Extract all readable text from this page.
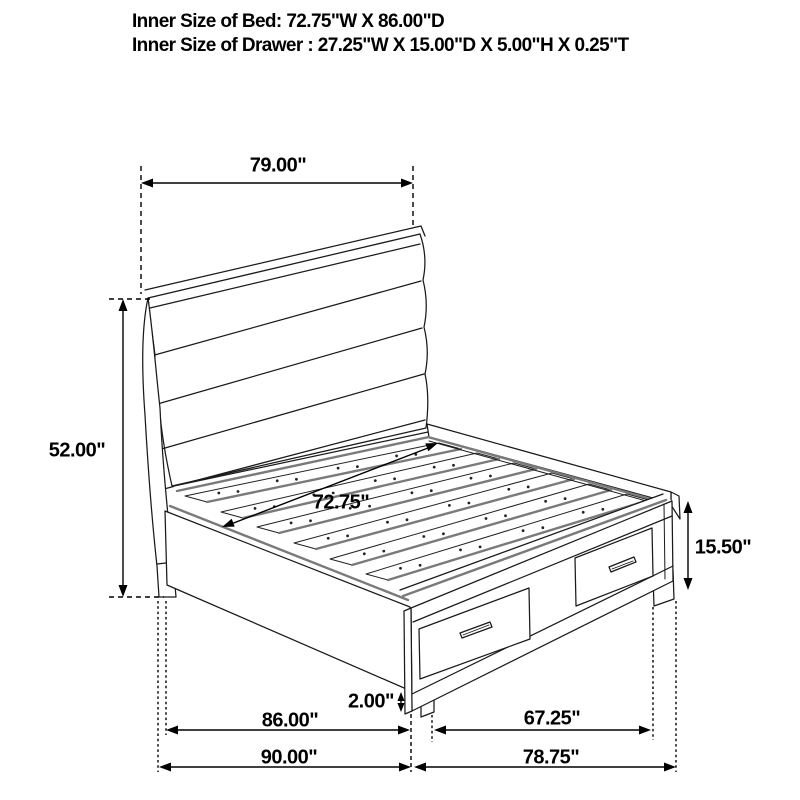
Inner Size of Bed: 72.75"W X 86.00"D
Inner Size of Drawer : 27.25"W X 15.00"D X 5.00"H X 0.25"T
79.00"
52.00"
72.75"
15.50"
2.00"
86.00"	67.25"
90.00"	78.75"
